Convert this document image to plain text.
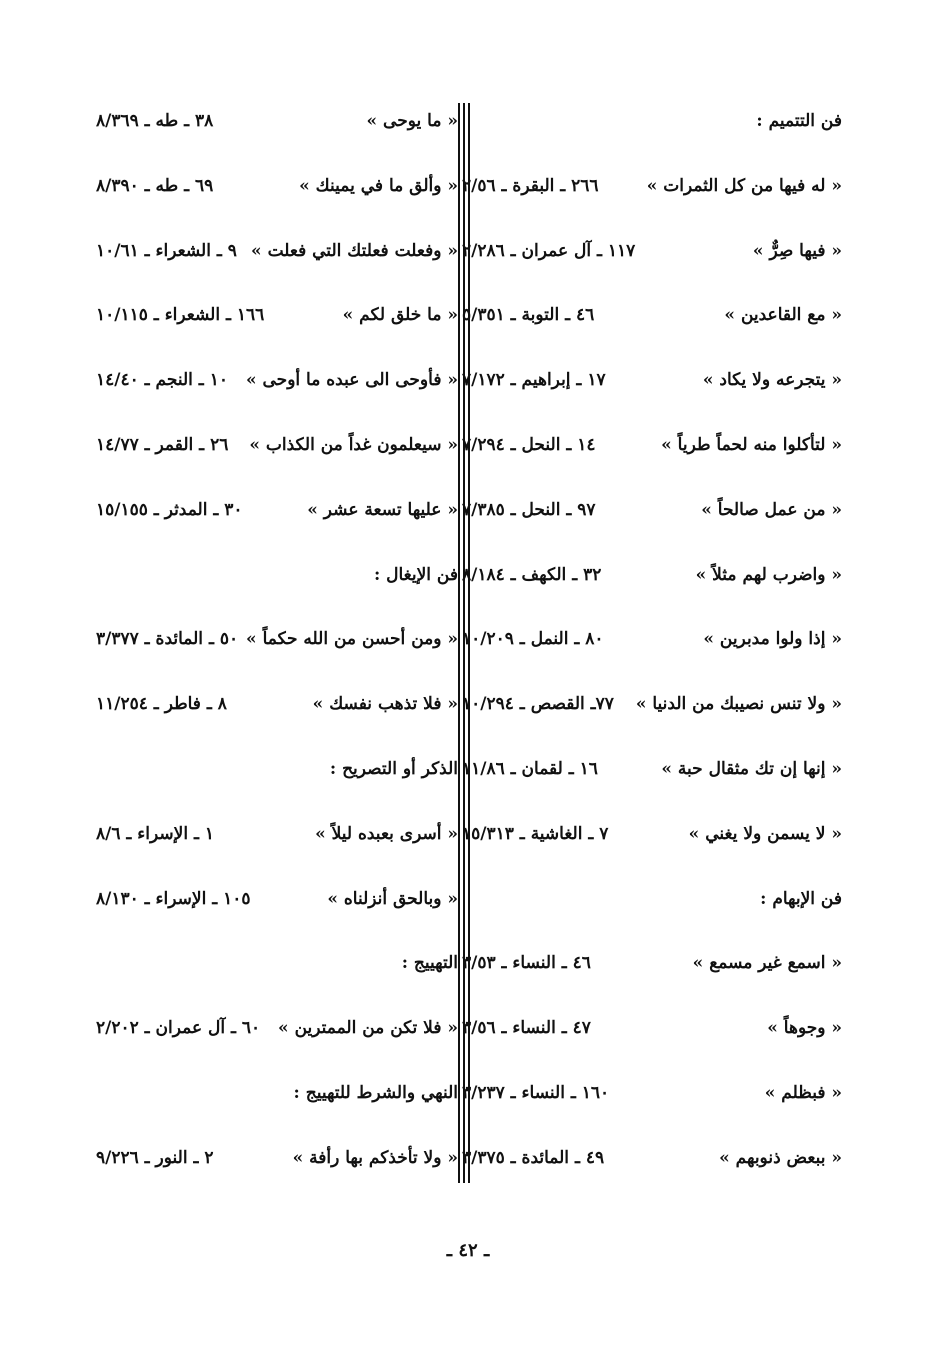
فن التتميم :
« له فيها من كل الثمرات »
٢٦٦ ـ البقرة ـ ٢/٥٦
« فيها صِرٌّ »
١١٧ ـ آل عمران ـ ٢/٢٨٦
« مع القاعدين »
٤٦ ـ التوبة ـ ٥/٣٥١
« يتجرعه ولا يكاد »
١٧ ـ إبراهيم ـ ٧/١٧٢
« لتأكلوا منه لحماً طرياً »
١٤ ـ النحل ـ ٧/٢٩٤
« من عمل صالحاً »
٩٧ ـ النحل ـ ٧/٣٨٥
« واضرب لهم مثلاً »
٣٢ ـ الكهف ـ ٨/١٨٤
« إذا ولوا مدبرين »
٨٠ ـ النمل ـ ١٠/٢٠٩
« ولا تنس نصيبك من الدنيا »
٧٧ـ القصص ـ ١٠/٢٩٤
« إنها إن تك مثقال حبة »
١٦ ـ لقمان ـ ١١/٨٦
« لا يسمن ولا يغني »
٧ ـ الغاشية ـ ١٥/٣١٣
فن الإبهام :
« اسمع غير مسمع »
٤٦ ـ النساء ـ ٣/٥٣
« وجوهاً »
٤٧ ـ النساء ـ ٣/٥٦
« فبظلم »
١٦٠ ـ النساء ـ ٣/٢٣٧
« ببعض ذنوبهم »
٤٩ ـ المائدة ـ ٣/٣٧٥
« ما يوحى »
٣٨ ـ طه ـ ٨/٣٦٩
« وألق ما في يمينك »
٦٩ ـ طه ـ ٨/٣٩٠
« وفعلت فعلتك التي فعلت »
٩ ـ الشعراء ـ ١٠/٦١
« ما خلق لكم »
١٦٦ ـ الشعراء ـ ١٠/١١٥
« فأوحى الى عبده ما أوحى »
١٠ ـ النجم ـ ١٤/٤٠
« سيعلمون غداً من الكذاب »
٢٦ ـ القمر ـ ١٤/٧٧
« عليها تسعة عشر »
٣٠ ـ المدثر ـ ١٥/١٥٥
فن الإيغال :
« ومن أحسن من الله حكماً »
٥٠ ـ المائدة ـ ٣/٣٧٧
« فلا تذهب نفسك »
٨ ـ فاطر ـ ١١/٢٥٤
الذكر أو التصريح :
« أسرى بعبده ليلاً »
١ ـ الإسراء ـ ٨/٦
« وبالحق أنزلناه »
١٠٥ ـ الإسراء ـ ٨/١٣٠
التهييج :
« فلا تكن من الممترين »
٦٠ ـ آل عمران ـ ٢/٢٠٢
النهي والشرط للتهييج :
« ولا تأخذكم بها رأفة »
٢ ـ النور ـ ٩/٢٢٦
ـ ٤٢ ـ
